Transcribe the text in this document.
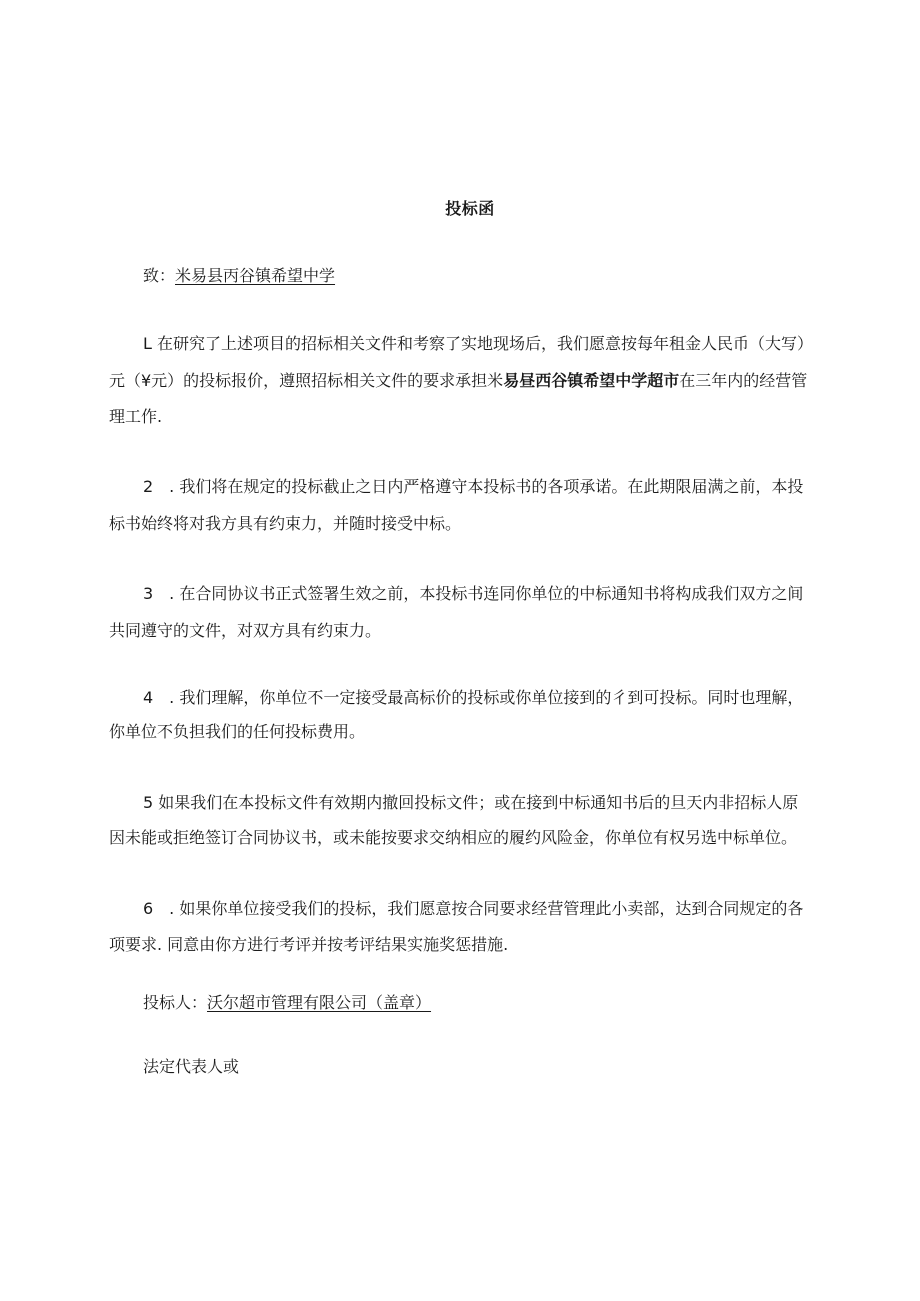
投标函
致：米易县丙谷镇希望中学
L 在研究了上述项目的招标相关文件和考察了实地现场后，我们愿意按每年租金人民币（大写）
元（¥元）的投标报价，遵照招标相关文件的要求承担米易昼西谷镇希望中学超市在三年内的经营管
理工作.
2　. 我们将在规定的投标截止之日内严格遵守本投标书的各项承诺。在此期限届满之前，本投
标书始终将对我方具有约束力，并随时接受中标。
3　. 在合同协议书正式签署生效之前，本投标书连同你单位的中标通知书将构成我们双方之间
共同遵守的文件，对双方具有约束力。
4　. 我们理解，你单位不一定接受最高标价的投标或你单位接到的彳到可投标。同时也理解，
你单位不负担我们的任何投标费用。
5 如果我们在本投标文件有效期内撤回投标文件；或在接到中标通知书后的旦天内非招标人原
因未能或拒绝签订合同协议书，或未能按要求交纳相应的履约风险金，你单位有权另选中标单位。
6　. 如果你单位接受我们的投标，我们愿意按合同要求经营管理此小卖部，达到合同规定的各
项要求. 同意由你方进行考评并按考评结果实施奖惩措施.
投标人：沃尔超市管理有限公司（盖章）
法定代表人或
